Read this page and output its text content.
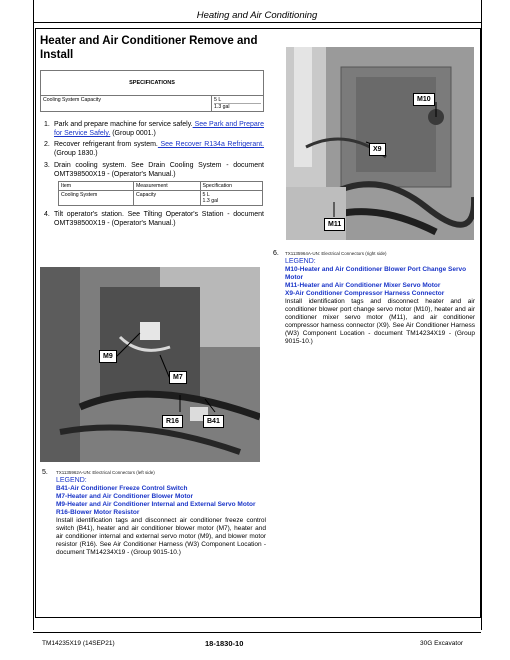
Heating and Air Conditioning
Heater and Air Conditioner Remove and Install
SPECIFICATIONS
Cooling System Capacity	5 L
1.3 gal
1. Park and prepare machine for service safely. See Park and Prepare for Service Safely. (Group 0001.)
2. Recover refrigerant from system. See Recover R134a Refrigerant. (Group 1830.)
3. Drain cooling system. See Drain Cooling System - document OMT398500X19 - (Operator's Manual.)
Item	Measurement	Specification
Cooling System	Capacity	5 L
1.3 gal
4. Tilt operator's station. See Tilting Operator's Station - document OMT398500X19 - (Operator's Manual.)
M10
X9
M11
6. TX1135964A-UN: Electrical Connectors (right side)
LEGEND:
M10-Heater and Air Conditioner Blower Port Change Servo Motor
M11-Heater and Air Conditioner Mixer Servo Motor
X9-Air Conditioner Compressor Harness Connector
Install identification tags and disconnect heater and air conditioner blower port change servo motor (M10), heater and air conditioner mixer servo motor (M11), and air conditioner compressor harness connector (X9). See Air Conditioner Harness (W3) Component Location - document TM14234X19 - (Group 9015-10.)
M9
M7
R16	B41
5. TX1135962A-UN: Electrical Connectors (left side)
LEGEND:
B41-Air Conditioner Freeze Control Switch
M7-Heater and Air Conditioner Blower Motor
M9-Heater and Air Conditioner Internal and External Servo Motor
R16-Blower Motor Resistor
Install identification tags and disconnect air conditioner freeze control switch (B41), heater and air conditioner blower motor (M7), heater and air conditioner internal and external servo motor (M9), and blower motor resistor (R16). See Air Conditioner Harness (W3) Component Location - document TM14234X19 - (Group 9015-10.)
TM14235X19 (14SEP21)	18-1830-10	30G Excavator
